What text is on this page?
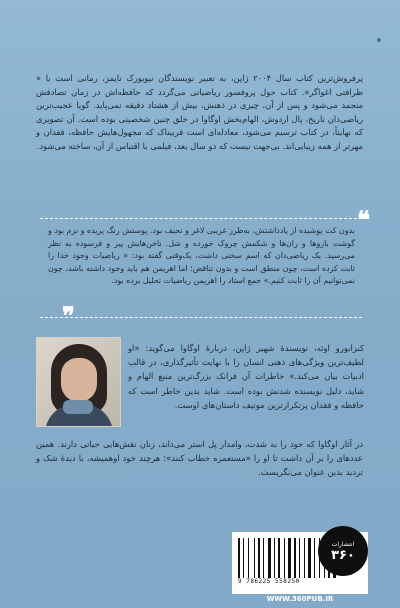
پرفروش‌ترین کتاب سال ۲۰۰۴ ژاپن، به تعبیر نویسندگان نیویورک تایمز، رمانی است با « ظرافتی اغواگر». کتاب حول پروفسور ریاضیاتی می‌گردد که حافظه‌اش در زمان تصادفش منجمد می‌شود و پس از آن، چیزی در ذهنش، بیش از هشتاد دقیقه نمی‌پاید. گویا عجیب‌ترین ریاضی‌دان تاریخ، پال اردوش، الهام‌بخش اوگاوا در خلق چنین شخصیتی بوده است. آن تصویری که نهایتاً، در کتاب ترسیم می‌شود، معادله‌ای است فریبناک که مجهول‌هایش حافظه، فقدان و مهرتر از همه زیبایی‌اند. بی‌جهت نیست که دو سال بعد، فیلمی با اقتباس از آن، ساخته می‌شود.

❝
❞

بدون کت پوشیده از یادداشتش، به‌طرز غریبی لاغر و نحیف بود. پوستش رنگ پریده و نرم بود و گوشت بازوها و ران‌ها و شکمش چروک خورده و شل. ناخن‌هایش پیر و فرسوده به نظر می‌رسید. یک ریاضی‌دان که اسم سختی داشت، یک‌وقتی گفته بود: « ریاضیات وجود خدا را ثابت کرده است، چون منطق است و بدون تناقض؛ اما اهریمن هم باید وجود داشته باشد، چون نمی‌توانیم آن را ثابت کنیم.» جمع استاد را اهریمن ریاضیات تحلیل برده بود.

کنزابورو اوئه، نویسندهٔ شهیر ژاپن، دربارهٔ اوگاوا می‌گوید: «او لطیف‌ترین ویژگی‌های ذهنی انسان را با نهایت تأثیرگذاری، در قالب ادبیات بیان می‌کند.» خاطرات آن فرانک بزرگ‌ترین منبع الهام و شاید، دلیل نویسنده شدنش بوده است. شاید بدین خاطر است که حافظه و فقدان پرتکرارترین موتیف داستان‌های اوست.

در آثار اوگاوا که خود را به شدت، وامدار پل استر می‌داند، زنان نقش‌هایی حیاتی دارند. همین عددهای را بر آن داشت تا او را «مستعمره خطاب کنند»؛ هرچند خود اوهمیشه، با دیدهٔ شک و تردید بدین عنوان می‌نگریست.

9 786225 558250
انتشارات
۳۶۰
WWW.360PUB.IR
